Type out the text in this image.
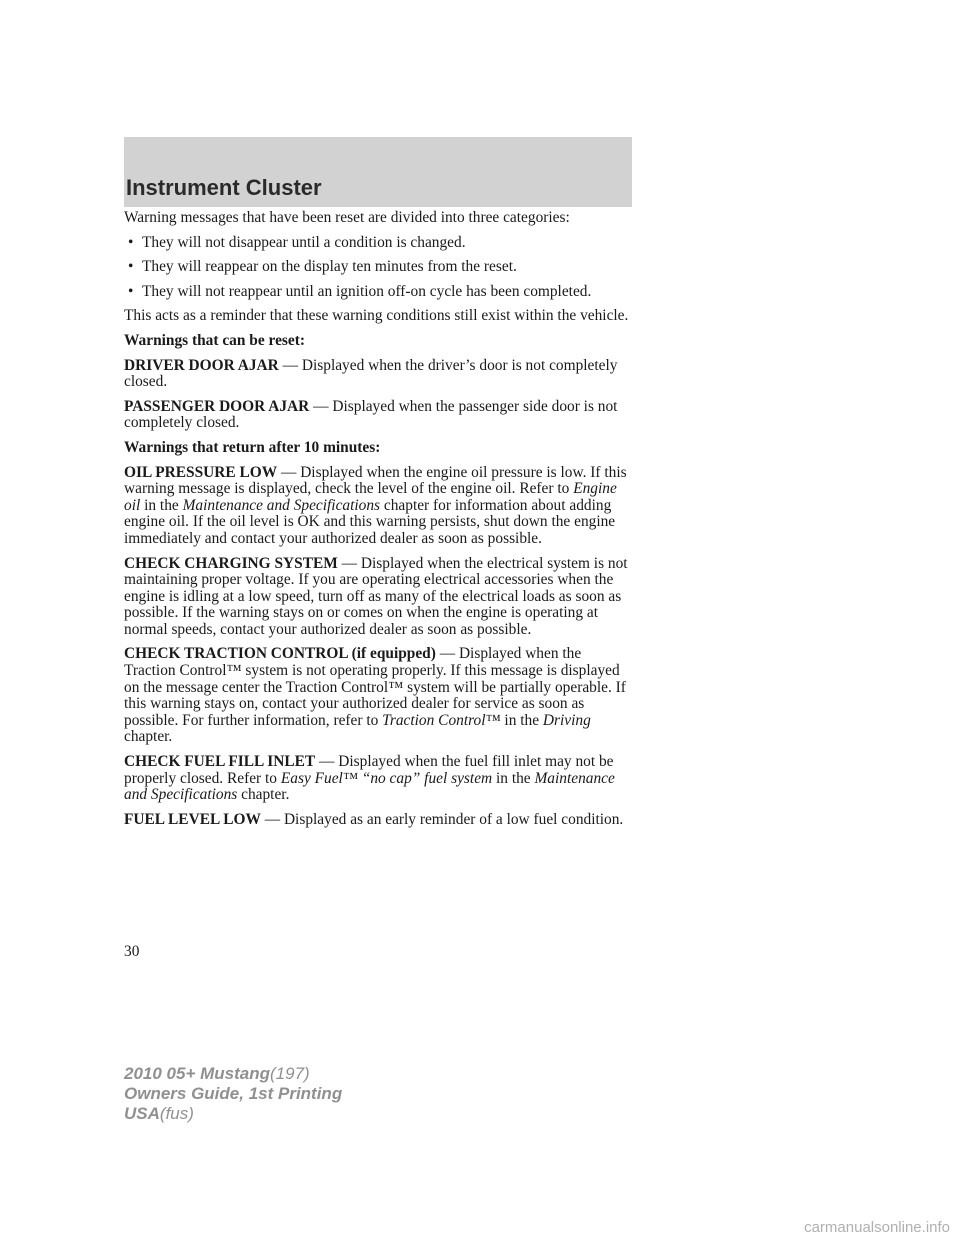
Instrument Cluster

Warning messages that have been reset are divided into three categories:

• They will not disappear until a condition is changed.
• They will reappear on the display ten minutes from the reset.
• They will not reappear until an ignition off-on cycle has been completed.

This acts as a reminder that these warning conditions still exist within the vehicle.

Warnings that can be reset:

DRIVER DOOR AJAR — Displayed when the driver’s door is not completely closed.

PASSENGER DOOR AJAR — Displayed when the passenger side door is not completely closed.

Warnings that return after 10 minutes:

OIL PRESSURE LOW — Displayed when the engine oil pressure is low. If this warning message is displayed, check the level of the engine oil. Refer to Engine oil in the Maintenance and Specifications chapter for information about adding engine oil. If the oil level is OK and this warning persists, shut down the engine immediately and contact your authorized dealer as soon as possible.

CHECK CHARGING SYSTEM — Displayed when the electrical system is not maintaining proper voltage. If you are operating electrical accessories when the engine is idling at a low speed, turn off as many of the electrical loads as soon as possible. If the warning stays on or comes on when the engine is operating at normal speeds, contact your authorized dealer as soon as possible.

CHECK TRACTION CONTROL (if equipped) — Displayed when the Traction Control™ system is not operating properly. If this message is displayed on the message center the Traction Control™ system will be partially operable. If this warning stays on, contact your authorized dealer for service as soon as possible. For further information, refer to Traction Control™ in the Driving chapter.

CHECK FUEL FILL INLET — Displayed when the fuel fill inlet may not be properly closed. Refer to Easy Fuel™ “no cap” fuel system in the Maintenance and Specifications chapter.

FUEL LEVEL LOW — Displayed as an early reminder of a low fuel condition.

30
2010 05+ Mustang(197)
Owners Guide, 1st Printing
USA(fus)
carmanualsonline.info
